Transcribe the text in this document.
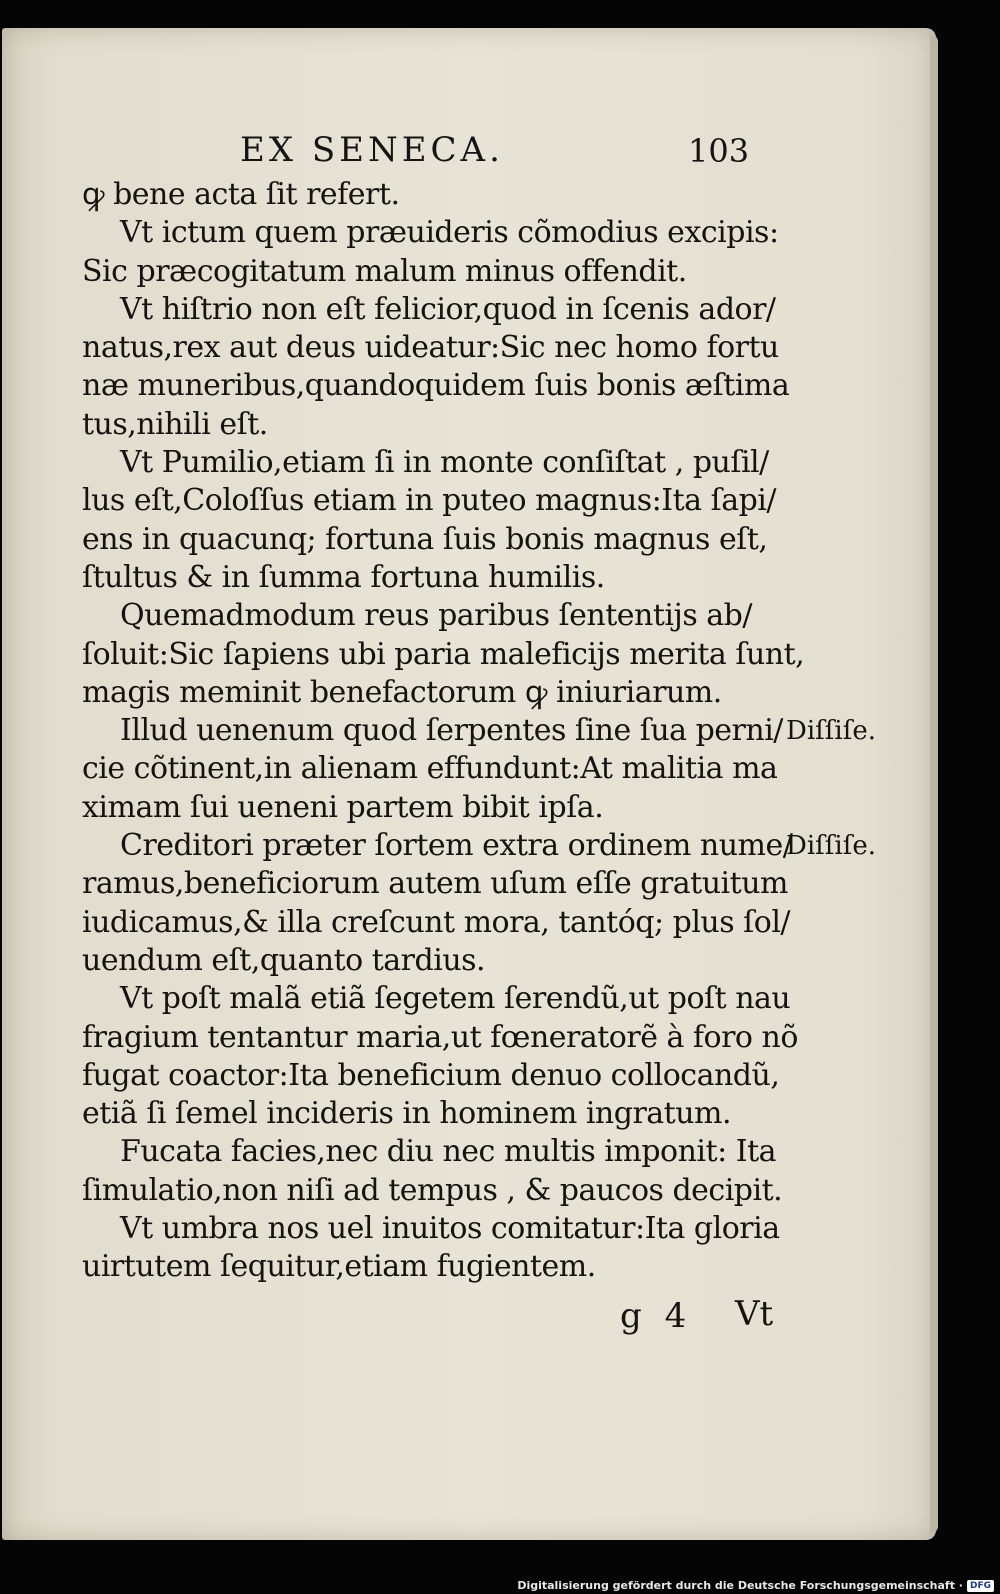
EX SENECA.	103
ꝙ bene acta ſit refert.
Vt ictum quem præuideris cõmodius excipis:
Sic præcogitatum malum minus offendit.
Vt hiſtrio non eſt felicior,quod in ſcenis ador/
natus,rex aut deus uideatur:Sic nec homo fortu
næ muneribus,quandoquidem ſuis bonis æſtima
tus,nihili eſt.
Vt Pumilio,etiam ſi in monte conſiſtat , puſil/
lus eſt,Coloſſus etiam in puteo magnus:Ita ſapi/
ens in quacunq; fortuna ſuis bonis magnus eſt,
ſtultus & in ſumma fortuna humilis.
Quemadmodum reus paribus ſententijs ab/
ſoluit:Sic ſapiens ubi paria maleficijs merita ſunt,
magis meminit benefactorum ꝙ iniuriarum.
Illud uenenum quod ſerpentes ſine ſua perni/
cie cõtinent,in alienam effundunt:At malitia ma
ximam ſui ueneni partem bibit ipſa.
Creditori præter ſortem extra ordinem nume/
ramus,beneficiorum autem uſum eſſe gratuitum
iudicamus,& illa creſcunt mora, tantóq; plus ſol/
uendum eſt,quanto tardius.
Vt poſt malã etiã ſegetem ſerendũ,ut poſt nau
fragium tentantur maria,ut fœneratorẽ à foro nõ
fugat coactor:Ita beneficium denuo collocandũ,
etiã ſi ſemel incideris in hominem ingratum.
Fucata facies,nec diu nec multis imponit: Ita
ſimulatio,non niſi ad tempus , & paucos decipit.
Vt umbra nos uel inuitos comitatur:Ita gloria
uirtutem ſequitur,etiam fugientem.
Diſſiſe.
Diſſiſe.
g 4 Vt
Digitalisierung gefördert durch die Deutsche Forschungsgemeinschaft · DFG
